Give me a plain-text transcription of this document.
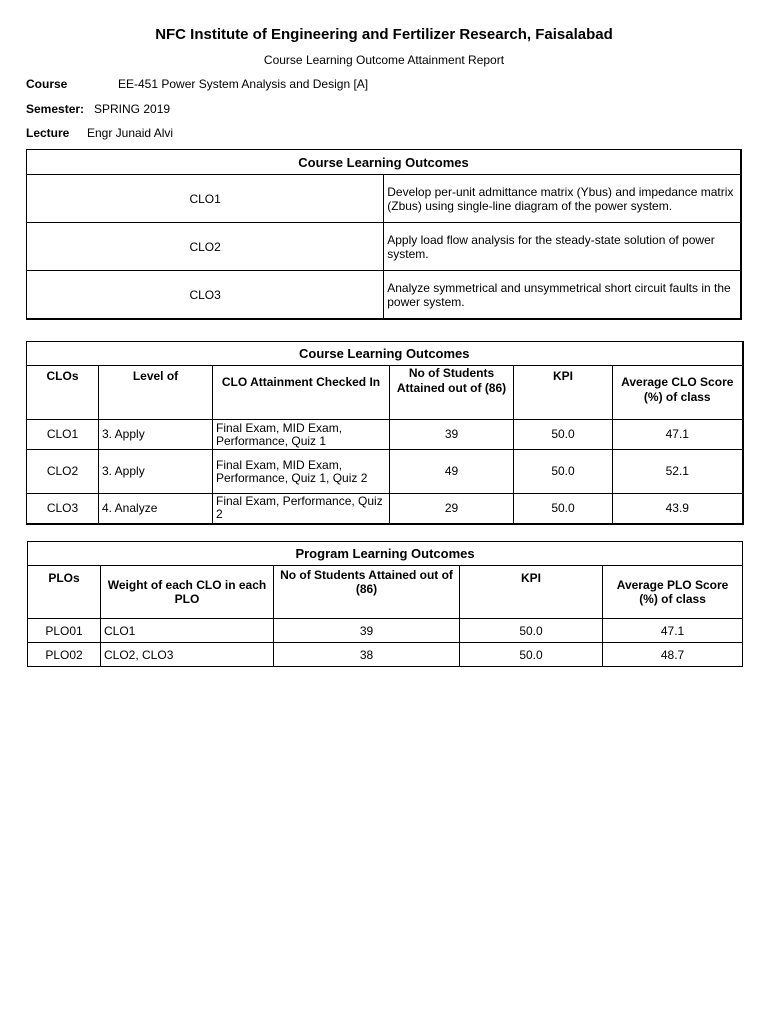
NFC Institute of Engineering and Fertilizer Research, Faisalabad
Course Learning Outcome Attainment Report
Course	EE-451 Power System Analysis and Design [A]
Semester: SPRING 2019
Lecture Engr Junaid Alvi
Course Learning Outcomes	
CLO1	Develop per-unit admittance matrix (Ybus) and impedance matrix (Zbus) using single-line diagram of the power system.
CLO2	Apply load flow analysis for the steady-state solution of power system.
CLO3	Analyze symmetrical and unsymmetrical short circuit faults in the power system.
Course Learning Outcomes					
CLOs	Level of	CLO Attainment Checked In	No of Students Attained out of (86)	KPI	Average CLO Score (%) of class
CLO1	3. Apply	Final Exam, MID Exam, Performance, Quiz 1	39	50.0	47.1
CLO2	3. Apply	Final Exam, MID Exam, Performance, Quiz 1, Quiz 2	49	50.0	52.1
CLO3	4. Analyze	Final Exam, Performance, Quiz 2	29	50.0	43.9
Program Learning Outcomes				
PLOs	Weight of each CLO in each PLO	No of Students Attained out of (86)	KPI	Average PLO Score (%) of class
PLO01	CLO1	39	50.0	47.1
PLO02	CLO2, CLO3	38	50.0	48.7
